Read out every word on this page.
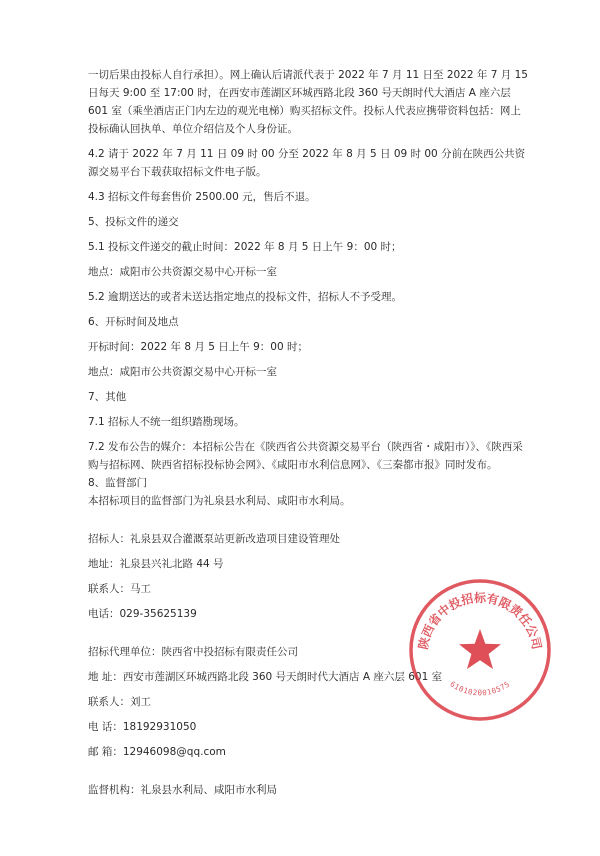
一切后果由投标人自行承担）。网上确认后请派代表于 2022 年 7 月 11 日至 2022 年 7 月 15 日每天 9:00 至 17:00 时，在西安市莲湖区环城西路北段 360 号天朗时代大酒店 A 座六层 601 室（乘坐酒店正门内左边的观光电梯）购买招标文件。投标人代表应携带资料包括：网上投标确认回执单、单位介绍信及个人身份证。

4.2 请于 2022 年 7 月 11 日 09 时 00 分至 2022 年 8 月 5 日 09 时 00 分前在陕西公共资源交易平台下载获取招标文件电子版。

4.3 招标文件每套售价 2500.00 元，售后不退。

5、投标文件的递交

5.1 投标文件递交的截止时间：2022 年 8 月 5 日上午 9：00 时；

地点：咸阳市公共资源交易中心开标一室

5.2 逾期送达的或者未送达指定地点的投标文件，招标人不予受理。

6、开标时间及地点

开标时间：2022 年 8 月 5 日上午 9：00 时；

地点：咸阳市公共资源交易中心开标一室

7、其他

7.1 招标人不统一组织踏勘现场。

7.2 发布公告的媒介：本招标公告在《陕西省公共资源交易平台（陕西省・咸阳市）》、《陕西采购与招标网、陕西省招标投标协会网》、《咸阳市水利信息网》、《三秦都市报》同时发布。

8、监督部门

本招标项目的监督部门为礼泉县水利局、咸阳市水利局。

招标人：礼泉县双合灌溉泵站更新改造项目建设管理处

地址：礼泉县兴礼北路 44 号

联系人：马工

电话：029-35625139

招标代理单位：陕西省中投招标有限责任公司

地 址：西安市莲湖区环城西路北段 360 号天朗时代大酒店 A 座六层 601 室

联系人：刘工

电 话：18192931050

邮 箱：12946098@qq.com

监督机构：礼泉县水利局、咸阳市水利局

陕西省中投招标有限责任公司
6101020010575
